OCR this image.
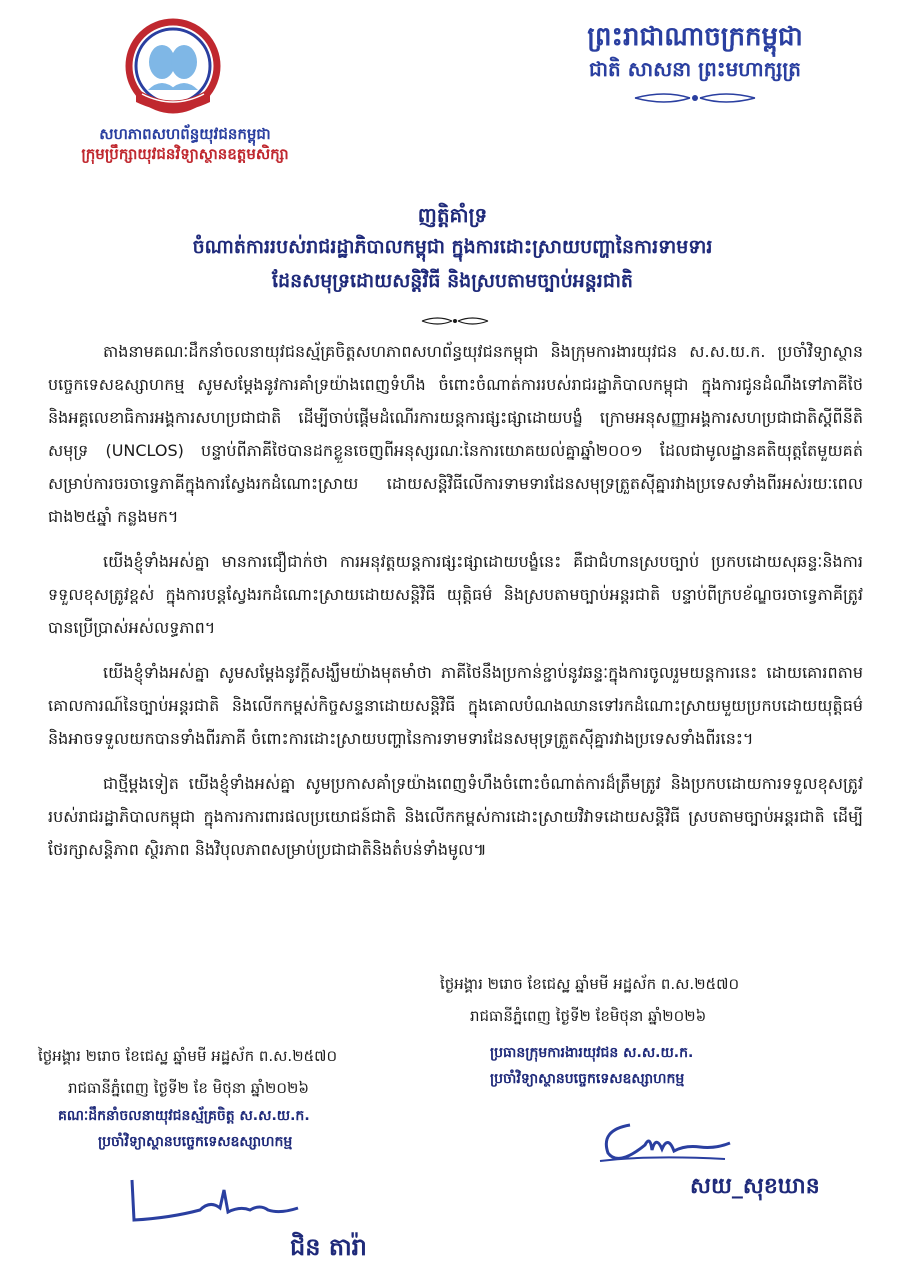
សហភាពសហព័ន្ធយុវជនកម្ពុជា
ក្រុមប្រឹក្សាយុវជនវិទ្យាស្ថានឧត្តមសិក្សា
ព្រះរាជាណាចក្រកម្ពុជា
ជាតិ សាសនា ព្រះមហាក្សត្រ
ញត្តិគាំទ្រ
ចំណាត់ការរបស់រាជរដ្ឋាភិបាលកម្ពុជា ក្នុងការដោះស្រាយបញ្ហានៃការទាមទារ
ដែនសមុទ្រដោយសន្តិវិធី និងស្របតាមច្បាប់អន្តរជាតិ

តាងនាមគណៈដឹកនាំចលនាយុវជនស្ម័គ្រចិត្តសហភាពសហព័ន្ធយុវជនកម្ពុជា និងក្រុមការងារយុវជន ស.ស.យ.ក. ប្រចាំវិទ្យាស្ថានបច្ចេកទេសឧស្សាហកម្ម សូមសម្តែងនូវការគាំទ្រយ៉ាងពេញទំហឹង ចំពោះចំណាត់ការរបស់រាជរដ្ឋាភិបាលកម្ពុជា ក្នុងការជូនដំណឹងទៅភាគីថៃ និងអគ្គលេខាធិការអង្គការសហប្រជាជាតិ ដើម្បីចាប់ផ្តើមដំណើរការយន្តការផ្សះផ្សាដោយបង្ខំ ក្រោមអនុសញ្ញាអង្គការសហប្រជាជាតិស្តីពីនីតិសមុទ្រ (UNCLOS) បន្ទាប់ពីភាគីថៃបានដកខ្លួនចេញពីអនុស្សរណៈនៃការយោគយល់គ្នាឆ្នាំ២០០១ ដែលជាមូលដ្ឋានគតិយុត្តតែមួយគត់សម្រាប់ការចរចាទ្វេភាគីក្នុងការស្វែងរកដំណោះស្រាយ ដោយសន្តិវិធីលើការទាមទារដែនសមុទ្រត្រួតស៊ីគ្នារវាងប្រទេសទាំងពីរអស់រយៈពេលជាង២៥ឆ្នាំ កន្លងមក។

យើងខ្ញុំទាំងអស់គ្នា មានការជឿជាក់ថា ការអនុវត្តយន្តការផ្សះផ្សាដោយបង្ខំនេះ គឺជាជំហានស្របច្បាប់ ប្រកបដោយសុឆន្ទៈនិងការទទួលខុសត្រូវខ្ពស់ ក្នុងការបន្តស្វែងរកដំណោះស្រាយដោយសន្តិវិធី យុត្តិធម៌ និងស្របតាមច្បាប់អន្តរជាតិ បន្ទាប់ពីក្របខ័ណ្ឌចរចាទ្វេភាគីត្រូវបានប្រើប្រាស់អស់លទ្ធភាព។

យើងខ្ញុំទាំងអស់គ្នា សូមសម្តែងនូវក្តីសង្ឃឹមយ៉ាងមុតមាំថា ភាគីថៃនឹងប្រកាន់ខ្ជាប់នូវឆន្ទៈក្នុងការចូលរួមយន្តការនេះ ដោយគោរពតាមគោលការណ៍នៃច្បាប់អន្តរជាតិ និងលើកកម្ពស់កិច្ចសន្ទនាដោយសន្តិវិធី ក្នុងគោលបំណងឈានទៅរកដំណោះស្រាយមួយប្រកបដោយយុត្តិធម៌ និងអាចទទួលយកបានទាំងពីរភាគី ចំពោះការដោះស្រាយបញ្ហានៃការទាមទារដែនសមុទ្រត្រួតស៊ីគ្នារវាងប្រទេសទាំងពីរនេះ។

ជាថ្មីម្តងទៀត យើងខ្ញុំទាំងអស់គ្នា សូមប្រកាសគាំទ្រយ៉ាងពេញទំហឹងចំពោះចំណាត់ការដ៏ត្រឹមត្រូវ និងប្រកបដោយការទទួលខុសត្រូវរបស់រាជរដ្ឋាភិបាលកម្ពុជា ក្នុងការការពារផលប្រយោជន៍ជាតិ និងលើកកម្ពស់ការដោះស្រាយវិវាទដោយសន្តិវិធី ស្របតាមច្បាប់អន្តរជាតិ ដើម្បីថែរក្សាសន្តិភាព ស្ថិរភាព និងវិបុលភាពសម្រាប់ប្រជាជាតិនិងតំបន់ទាំងមូល៕

ថ្ងៃអង្គារ ២រោច ខែជេស្ឋ ឆ្នាំមមី អដ្ឋស័ក ព.ស.២៥៧០
រាជធានីភ្នំពេញ ថ្ងៃទី២ ខែមិថុនា ឆ្នាំ២០២៦
ប្រធានក្រុមការងារយុវជន ស.ស.យ.ក.
ប្រចាំវិទ្យាស្ថានបច្ចេកទេសឧស្សាហកម្ម
សយ_សុខឃាន
ថ្ងៃអង្គារ ២រោច ខែជេស្ឋ ឆ្នាំមមី អដ្ឋស័ក ព.ស.២៥៧០
រាជធានីភ្នំពេញ ថ្ងៃទី២ ខែ មិថុនា ឆ្នាំ២០២៦
គណៈដឹកនាំចលនាយុវជនស្ម័គ្រចិត្ត ស.ស.យ.ក.
ប្រចាំវិទ្យាស្ថានបច្ចេកទេសឧស្សាហកម្ម
ជិន តារ៉ា
